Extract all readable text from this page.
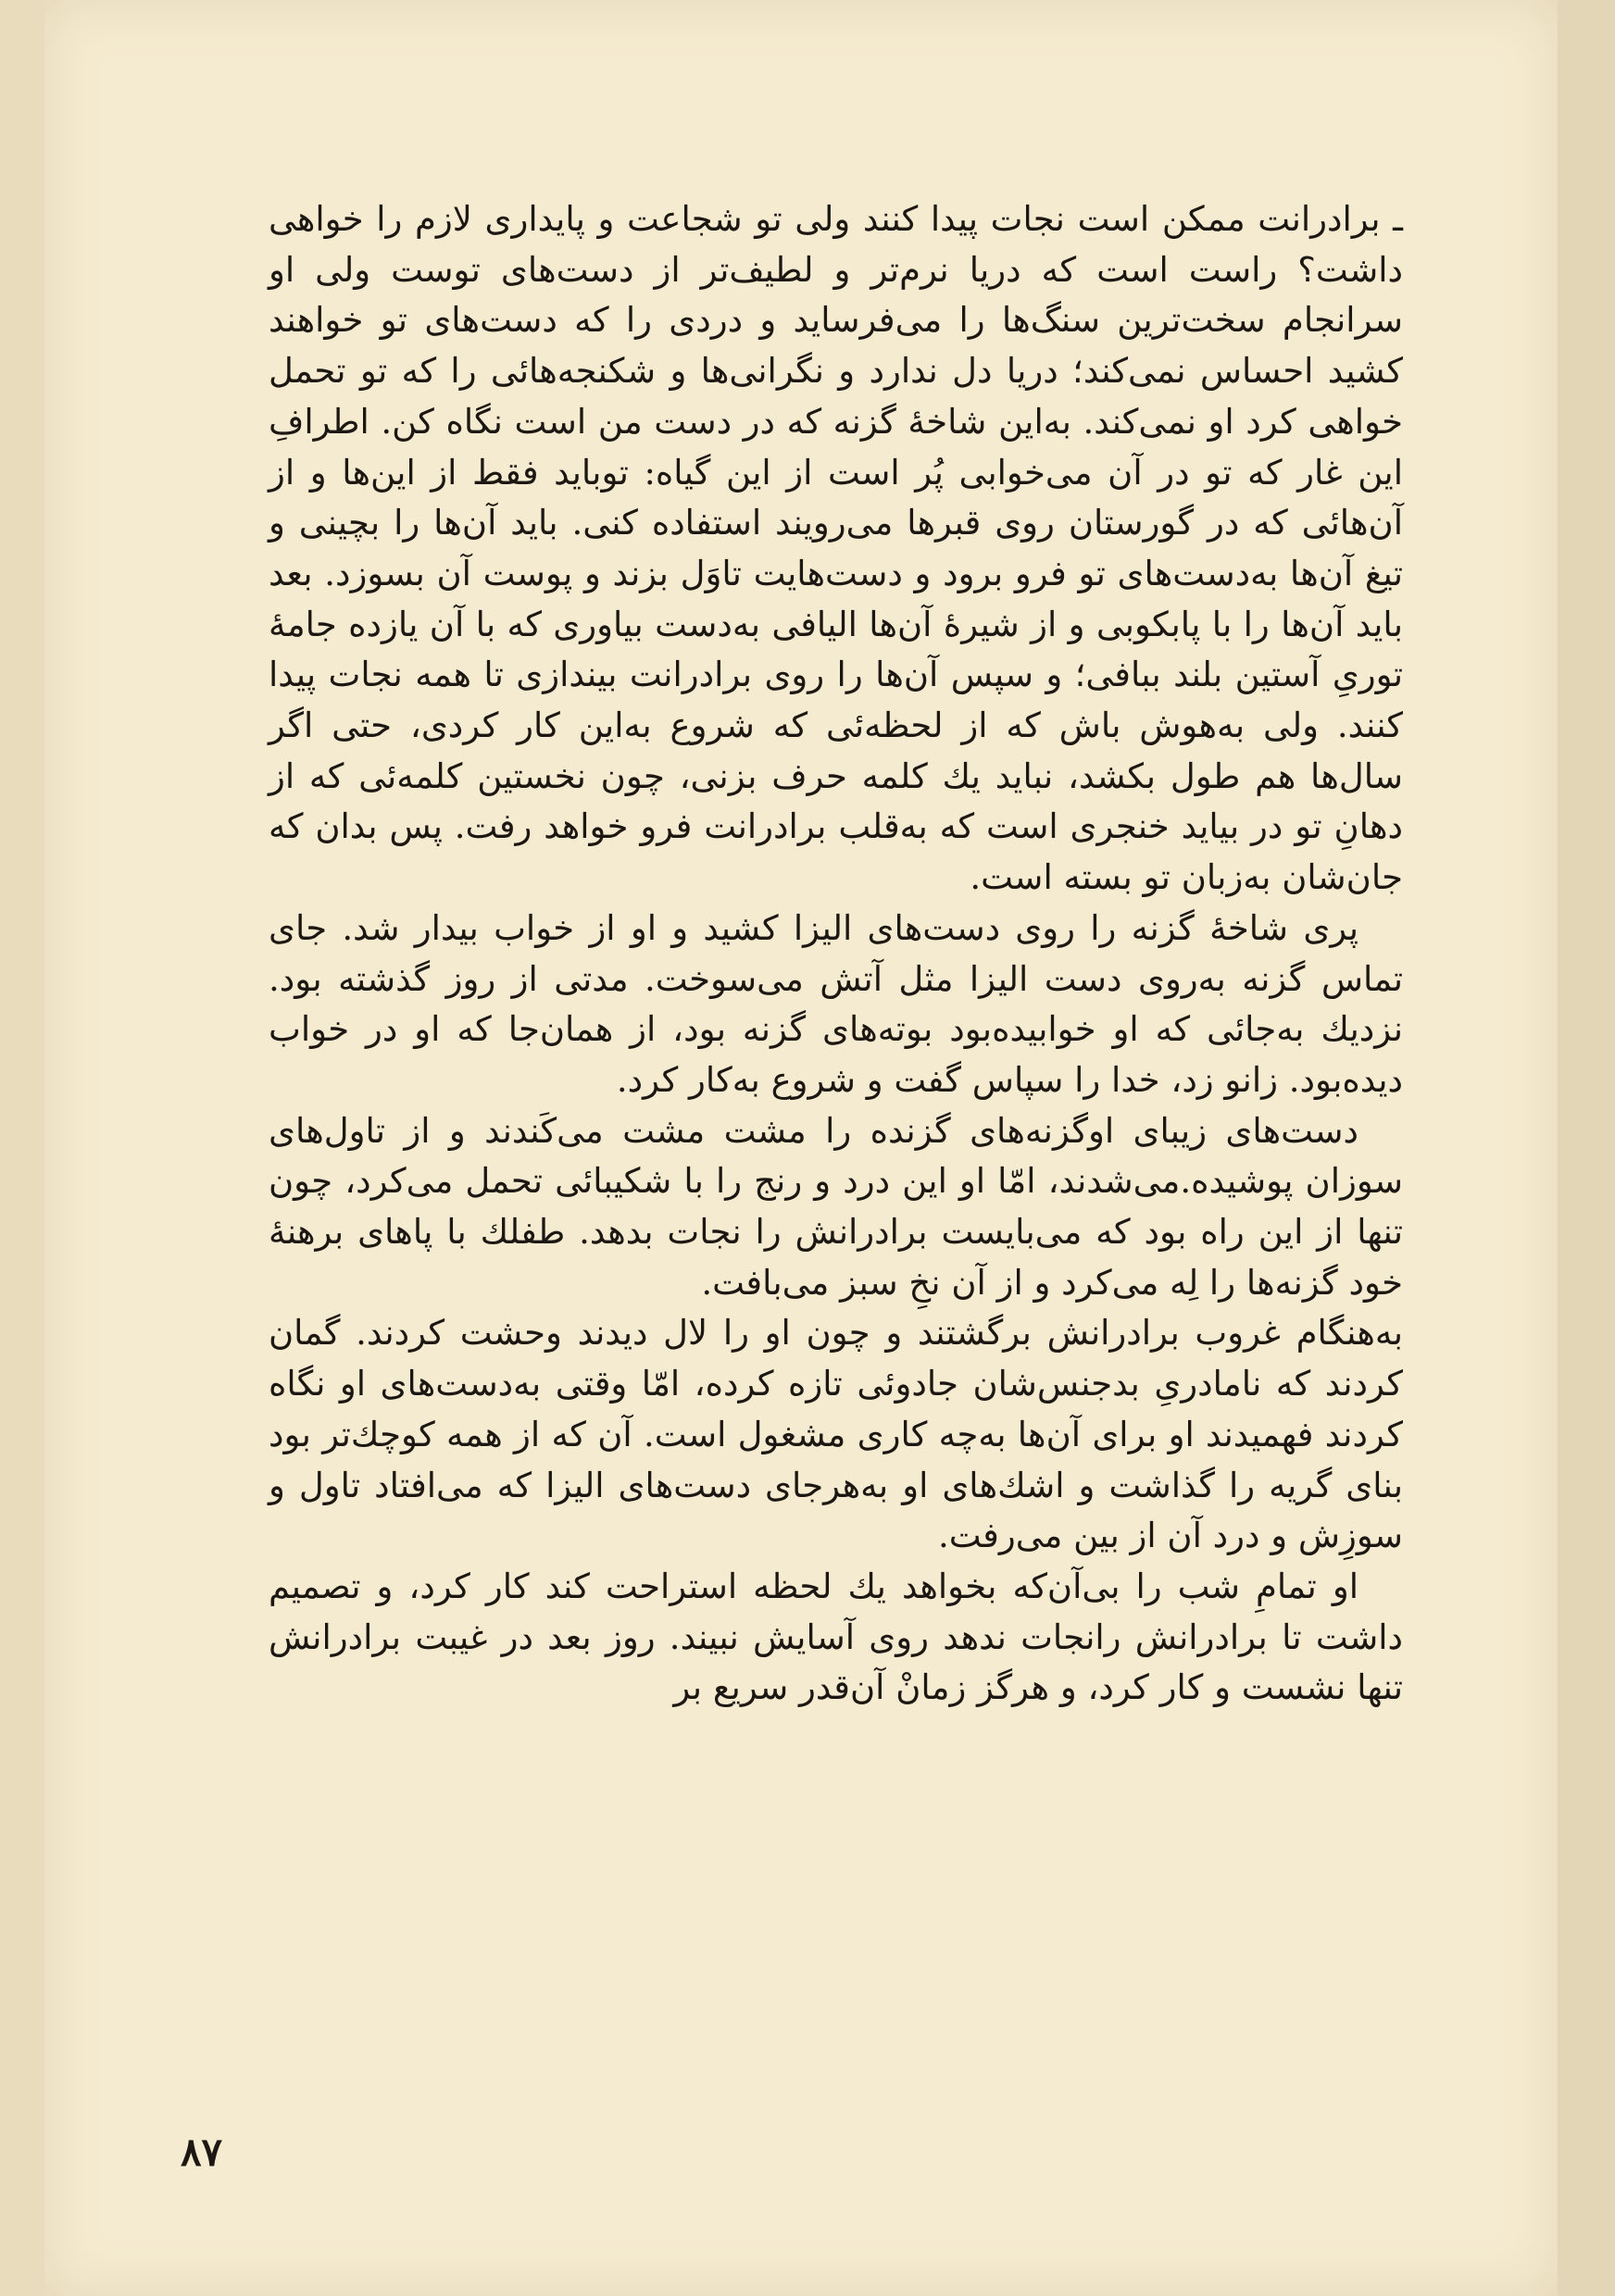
ـ برادرانت ممکن است نجات پیدا کنند ولی تو شجاعت و پایداری لازم را خواهی داشت؟ راست است که دریا نرم‌تر و لطیف‌تر از دست‌های توست ولی او سرانجام سخت‌ترین سنگ‌ها را می‌فرساید و دردی را که دست‌های تو خواهند کشید احساس نمی‌کند؛ دریا دل ندارد و نگرانی‌ها و شکنجه‌هائی را که تو تحمل خواهی کرد او نمی‌کند. به‌این شاخهٔ گزنه که در دست من است نگاه کن. اطرافِ این غار که تو در آن می‌خوابی پُر است از این گیاه: توباید فقط از این‌ها و از آن‌هائی که در گورستان روی قبرها می‌رویند استفاده کنی. باید آن‌ها را بچینی و تیغ آن‌ها به‌دست‌های تو فرو برود و دست‌هایت تاوَل بزند و پوست آن بسوزد. بعد باید آن‌ها را با پابکوبی و از شیرهٔ آن‌ها الیافی به‌دست بیاوری که با آن یازده جامهٔ توریِ آستین بلند ببافی؛ و سپس آن‌ها را روی برادرانت بیندازی تا همه نجات پیدا کنند. ولی به‌هوش باش که از لحظه‌ئی که شروع به‌این کار کردی، حتی اگر سال‌ها هم طول بکشد، نباید یك کلمه حرف بزنی، چون نخستین کلمه‌ئی که از دهانِ تو در بیاید خنجری است که به‌قلب برادرانت فرو خواهد رفت. پس بدان که جان‌شان به‌زبان تو بسته است.

پری شاخهٔ گزنه را روی دست‌های الیزا کشید و او از خواب بیدار شد. جای تماس گزنه به‌روی دست الیزا مثل آتش می‌سوخت. مدتی از روز گذشته بود. نزدیك به‌جائی که او خوابیده‌بود بوته‌های گزنه بود، از همان‌جا که او در خواب دیده‌بود. زانو زد، خدا را سپاس گفت و شروع به‌کار کرد.

دست‌های زیبای اوگزنه‌های گزنده را مشت مشت می‌کَندند و از تاول‌های سوزان پوشیده.می‌شدند، امّا او این درد و رنج را با شکیبائی تحمل می‌کرد، چون تنها از این راه بود که می‌بایست برادرانش را نجات بدهد. طفلك با پاهای برهنهٔ خود گزنه‌ها را لِه می‌کرد و از آن نخِ سبز می‌بافت.

به‌هنگام غروب برادرانش برگشتند و چون او را لال دیدند وحشت کردند. گمان کردند که نامادریِ بدجنس‌شان جادوئی تازه کرده، امّا وقتی به‌دست‌های او نگاه کردند فهمیدند او برای آن‌ها به‌چه کاری مشغول است. آن که از همه کوچك‌تر بود بنای گریه را گذاشت و اشك‌های او به‌هرجای دست‌های الیزا که می‌افتاد تاول و سوزِش و درد آن از بین می‌رفت.

او تمامِ شب را بی‌آن‌که بخواهد یك لحظه استراحت کند کار کرد، و تصمیم داشت تا برادرانش رانجات ندهد روی آسایش نبیند. روز بعد در غیبت برادرانش تنها نشست و کار کرد، و هرگز زمانْ آن‌قدر سریع بر

۸۷
